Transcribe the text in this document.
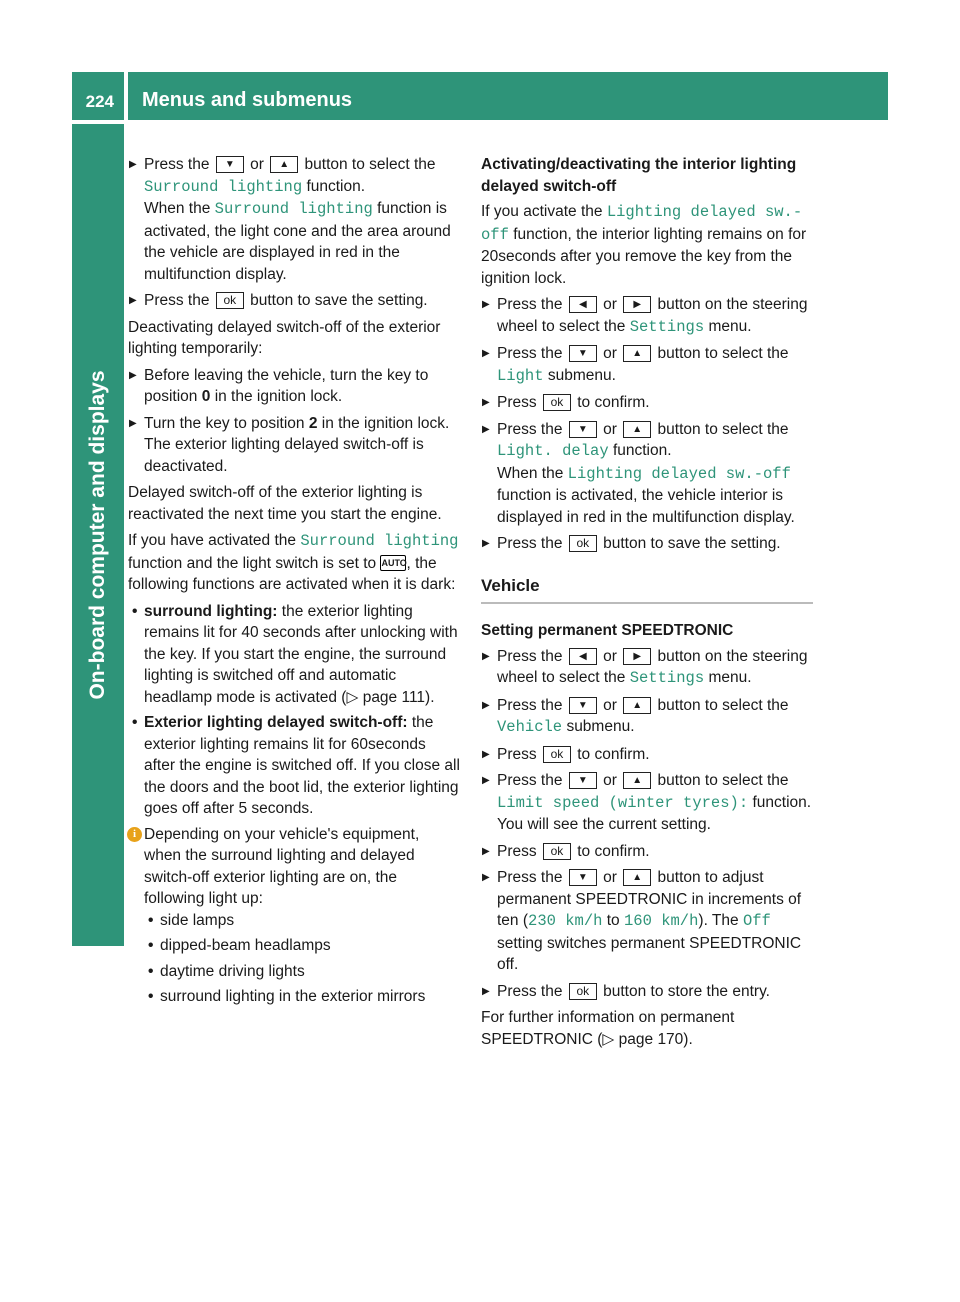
224 Menus and submenus
On-board computer and displays
▶ Press the ▼ or ▲ button to select the Surround lighting function.
When the Surround lighting function is activated, the light cone and the area around the vehicle are displayed in red in the multifunction display.
▶ Press the ok button to save the setting.

Deactivating delayed switch-off of the exterior lighting temporarily:

▶ Before leaving the vehicle, turn the key to position 0 in the ignition lock.
▶ Turn the key to position 2 in the ignition lock.
The exterior lighting delayed switch-off is deactivated.

Delayed switch-off of the exterior lighting is reactivated the next time you start the engine.

If you have activated the Surround lighting function and the light switch is set to AUTO, the following functions are activated when it is dark:

• surround lighting: the exterior lighting remains lit for 40 seconds after unlocking with the key. If you start the engine, the surround lighting is switched off and automatic headlamp mode is activated (▷ page 111).
• Exterior lighting delayed switch-off: the exterior lighting remains lit for 60seconds after the engine is switched off. If you close all the doors and the boot lid, the exterior lighting goes off after 5 seconds.
i Depending on your vehicle's equipment, when the surround lighting and delayed switch-off exterior lighting are on, the following light up:
• side lamps
• dipped-beam headlamps
• daytime driving lights
• surround lighting in the exterior mirrors
Activating/deactivating the interior lighting delayed switch-off

If you activate the Lighting delayed sw.-off function, the interior lighting remains on for 20seconds after you remove the key from the ignition lock.

▶ Press the ◀ or ▶ button on the steering wheel to select the Settings menu.
▶ Press the ▼ or ▲ button to select the Light submenu.
▶ Press ok to confirm.
▶ Press the ▼ or ▲ button to select the Light. delay function.
When the Lighting delayed sw.-off function is activated, the vehicle interior is displayed in red in the multifunction display.
▶ Press the ok button to save the setting.
Vehicle
Setting permanent SPEEDTRONIC
▶ Press the ◀ or ▶ button on the steering wheel to select the Settings menu.
▶ Press the ▼ or ▲ button to select the Vehicle submenu.
▶ Press ok to confirm.
▶ Press the ▼ or ▲ button to select the Limit speed (winter tyres): function.
You will see the current setting.
▶ Press ok to confirm.
▶ Press the ▼ or ▲ button to adjust permanent SPEEDTRONIC in increments of ten (230 km/h to 160 km/h). The Off setting switches permanent SPEEDTRONIC off.
▶ Press the ok button to store the entry.

For further information on permanent SPEEDTRONIC (▷ page 170).
